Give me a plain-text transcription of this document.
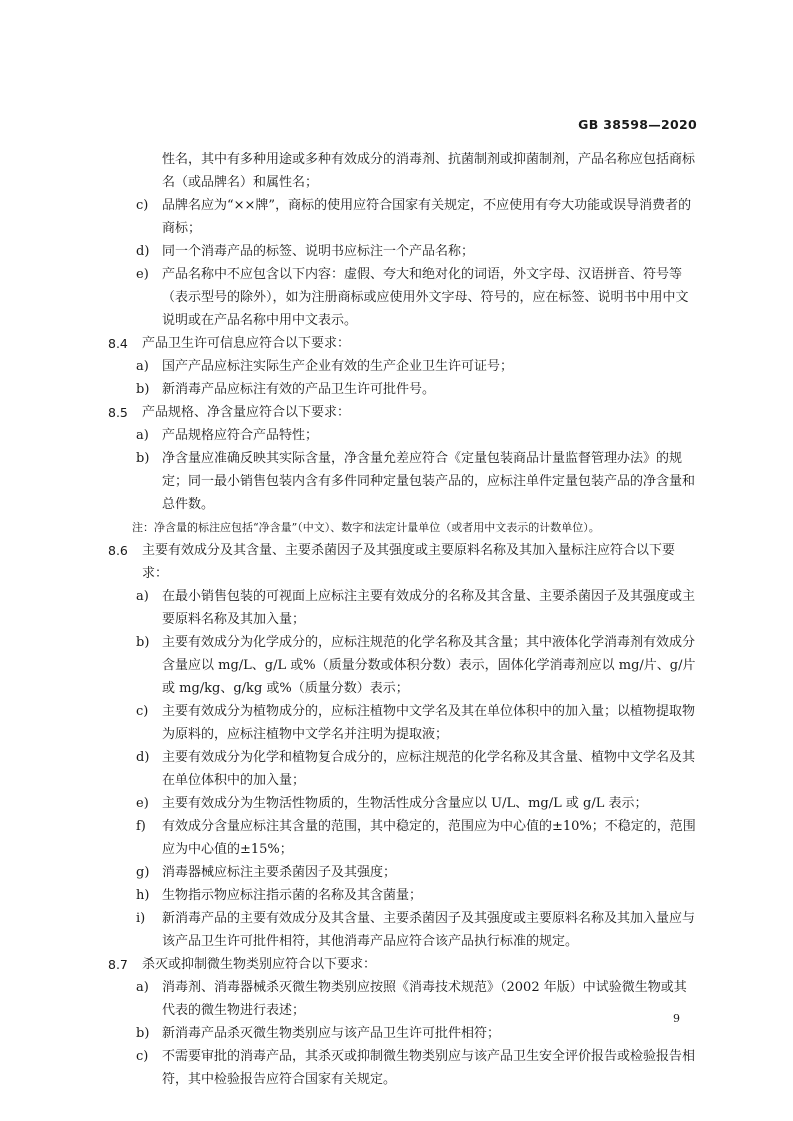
GB 38598—2020

性名，其中有多种用途或多种有效成分的消毒剂、抗菌制剂或抑菌制剂，产品名称应包括商标名（或品牌名）和属性名；

c) 品牌名应为“××牌”，商标的使用应符合国家有关规定，不应使用有夸大功能或误导消费者的商标；
d) 同一个消毒产品的标签、说明书应标注一个产品名称；
e) 产品名称中不应包含以下内容：虚假、夸大和绝对化的词语，外文字母、汉语拼音、符号等（表示型号的除外），如为注册商标或应使用外文字母、符号的，应在标签、说明书中用中文说明或在产品名称中用中文表示。
8.4 产品卫生许可信息应符合以下要求：
a) 国产产品应标注实际生产企业有效的生产企业卫生许可证号；
b) 新消毒产品应标注有效的产品卫生许可批件号。
8.5 产品规格、净含量应符合以下要求：
a) 产品规格应符合产品特性；
b) 净含量应准确反映其实际含量，净含量允差应符合《定量包装商品计量监督管理办法》的规定；同一最小销售包装内含有多件同种定量包装产品的，应标注单件定量包装产品的净含量和总件数。

注：净含量的标注应包括“净含量”（中文）、数字和法定计量单位（或者用中文表示的计数单位）。

8.6 主要有效成分及其含量、主要杀菌因子及其强度或主要原料名称及其加入量标注应符合以下要求：
a) 在最小销售包装的可视面上应标注主要有效成分的名称及其含量、主要杀菌因子及其强度或主要原料名称及其加入量；
b) 主要有效成分为化学成分的，应标注规范的化学名称及其含量；其中液体化学消毒剂有效成分含量应以 mg/L、g/L 或%（质量分数或体积分数）表示，固体化学消毒剂应以 mg/片、g/片或 mg/kg、g/kg 或%（质量分数）表示；
c) 主要有效成分为植物成分的，应标注植物中文学名及其在单位体积中的加入量；以植物提取物为原料的，应标注植物中文学名并注明为提取液；
d) 主要有效成分为化学和植物复合成分的，应标注规范的化学名称及其含量、植物中文学名及其在单位体积中的加入量；
e) 主要有效成分为生物活性物质的，生物活性成分含量应以 U/L、mg/L 或 g/L 表示；
f) 有效成分含量应标注其含量的范围，其中稳定的，范围应为中心值的±10%；不稳定的，范围应为中心值的±15%；
g) 消毒器械应标注主要杀菌因子及其强度；
h) 生物指示物应标注指示菌的名称及其含菌量；
i) 新消毒产品的主要有效成分及其含量、主要杀菌因子及其强度或主要原料名称及其加入量应与该产品卫生许可批件相符，其他消毒产品应符合该产品执行标准的规定。
8.7 杀灭或抑制微生物类别应符合以下要求：
a) 消毒剂、消毒器械杀灭微生物类别应按照《消毒技术规范》（2002 年版）中试验微生物或其代表的微生物进行表述；
b) 新消毒产品杀灭微生物类别应与该产品卫生许可批件相符；
c) 不需要审批的消毒产品，其杀灭或抑制微生物类别应与该产品卫生安全评价报告或检验报告相符，其中检验报告应符合国家有关规定。
9
